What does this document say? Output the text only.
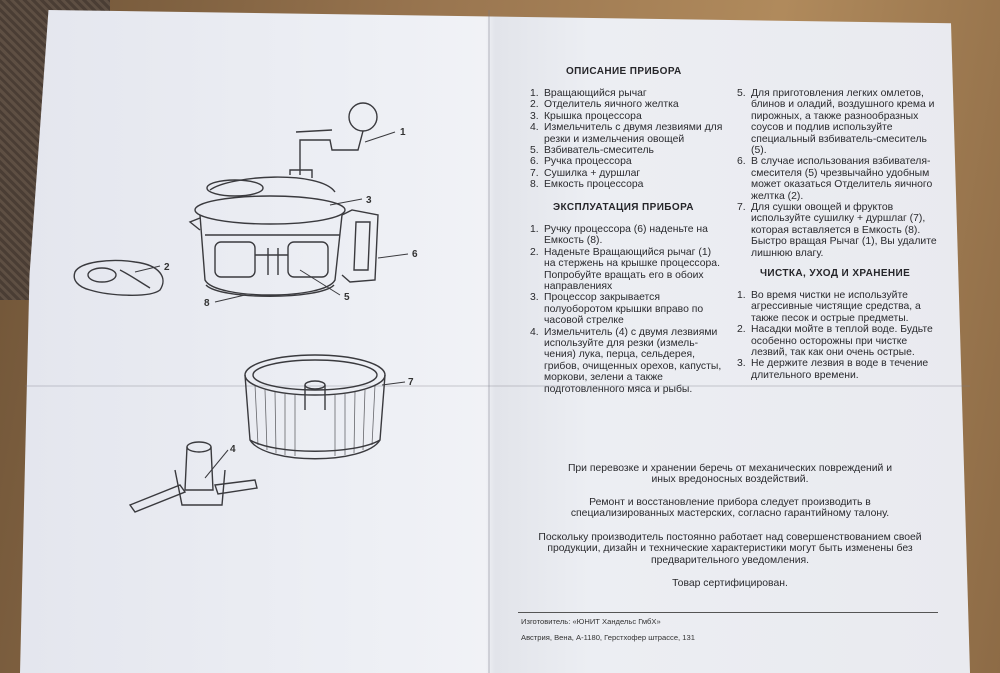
1
2
3
4
5
6
7
8
ОПИСАНИЕ ПРИБОРА
1. Вращающийся рычаг
2. Отделитель яичного желтка
3. Крышка процессора
4. Измельчитель с двумя лезвиями для резки и измельчения овощей
5. Взбиватель-смеситель
6. Ручка процессора
7. Сушилка + дуршлаг
8. Емкость процессора
ЭКСПЛУАТАЦИЯ ПРИБОРА
1. Ручку процессора (6) наденьте на Емкость (8).
2. Наденьте Вращающийся рычаг (1) на стержень на крышке процессора. Попробуйте вращать его в обоих направлениях
3. Процессор закрывается полуоборотом крышки вправо по часовой стрелке
4. Измельчитель (4) с двумя лезвиями используйте для резки (измель-чения) лука, перца, сельдерея, грибов, очищенных орехов, капусты, моркови, зелени а также подготовленного мяса и рыбы.
5. Для приготовления легких омлетов, блинов и оладий, воздушного крема и пирожных, а также разнообразных соусов и подлив используйте специальный взбиватель-смеситель (5).
6. В случае использования взбивателя-смесителя (5) чрезвычайно удобным может оказаться Отделитель яичного желтка (2).
7. Для сушки овощей и фруктов используйте сушилку + дуршлаг (7), которая вставляется в Емкость (8). Быстро вращая Рычаг (1), Вы удалите лишнюю влагу.
ЧИСТКА, УХОД И ХРАНЕНИЕ
1. Во время чистки не используйте агрессивные чистящие средства, а также песок и острые предметы.
2. Насадки мойте в теплой воде. Будьте особенно осторожны при чистке лезвий, так как они очень острые.
3. Не держите лезвия в воде в течение длительного времени.
При перевозке и хранении беречь от механических повреждений и иных вредоносных воздействий.
Ремонт и восстановление прибора следует производить в специализированных мастерских, согласно гарантийному талону.
Поскольку производитель постоянно работает над совершенствованием своей продукции, дизайн и технические характеристики могут быть изменены без предварительного уведомления.
Товар сертифицирован.
Изготовитель: «ЮНИТ Хандельс ГмбХ»
Австрия, Вена, А-1180, Герстхофер штрассе, 131
